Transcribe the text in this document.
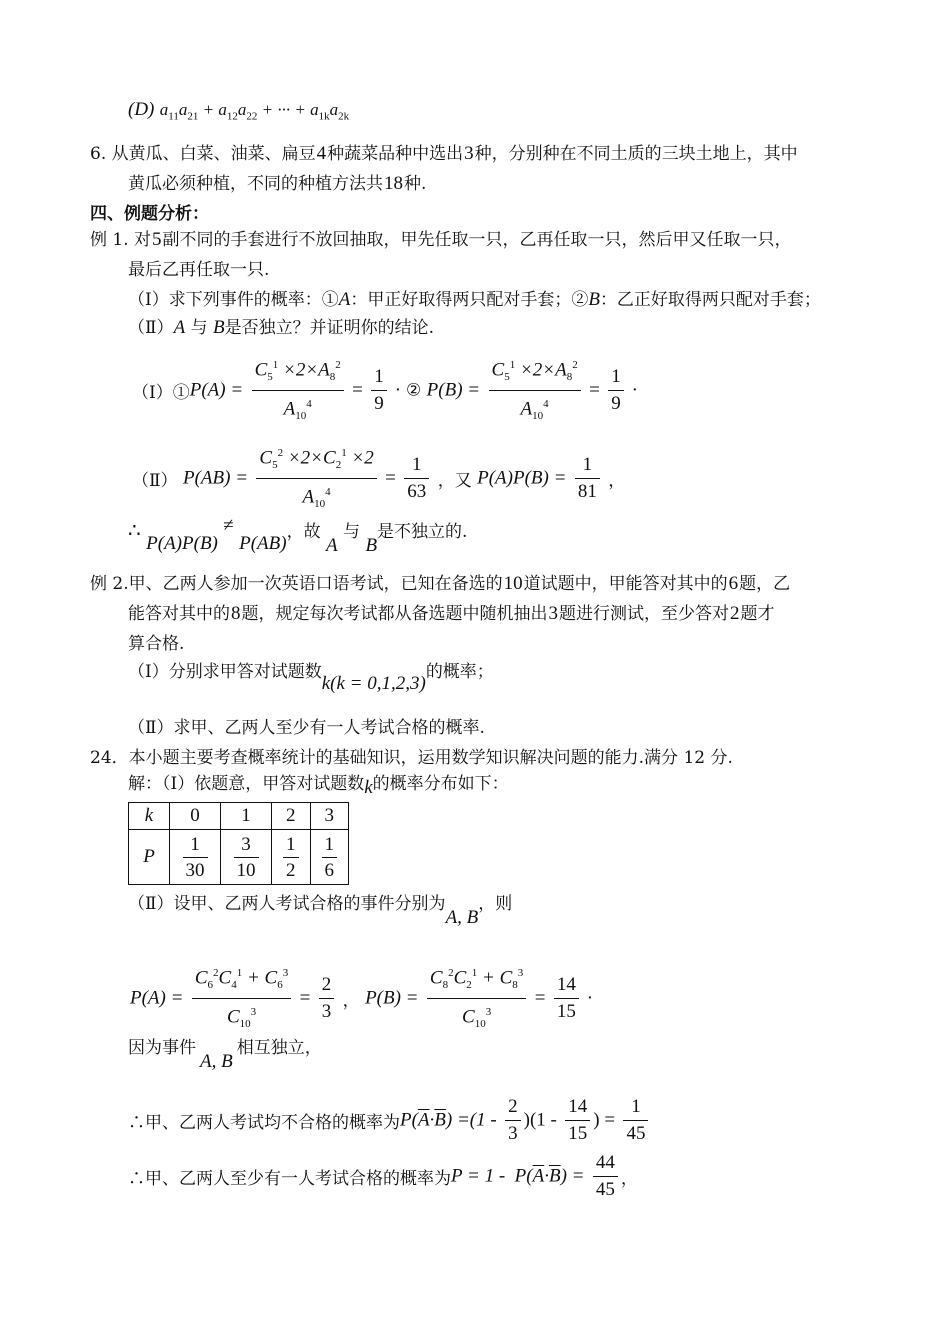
(D) $a_{11}a_{21} + a_{12}a_{22}$ + ··· + $a_{1k}a_{2k}$
6. 从黄瓜、白菜、油菜、扁豆4种蔬菜品种中选出3种，分别种在不同土质的三块土地上，其中
黄瓜必须种植，不同的种植方法共18种.
四、例题分析：
例 1. 对5副不同的手套进行不放回抽取，甲先任取一只，乙再任取一只，然后甲又任取一只，
最后乙再任取一只.
（Ⅰ）求下列事件的概率：①A：甲正好取得两只配对手套；②B：乙正好取得两只配对手套；
（Ⅱ）A 与 B是否独立？并证明你的结论.
（Ⅰ）①P(A) = $\frac{C_5^1 \times 2\times A_8^2}{A_{10}^4} = \frac{1}{9}$ · ② $P(B) = \frac{C_5^1 \times 2\times A_8^2}{A_{10}^4} = \frac{1}{9}$ ·
（Ⅱ） $P(AB) = \frac{C_5^2 \times 2\times C_2^1 \times 2}{A_{10}^4} = \frac{1}{63}$ ，又 $P(A)P(B) = \frac{1}{81}$ ，
∴ P(A)P(B) ≠ P(AB)，故 A 与 B是不独立的.
例 2.甲、乙两人参加一次英语口语考试，已知在备选的10道试题中，甲能答对其中的6题，乙
能答对其中的8题，规定每次考试都从备选题中随机抽出3题进行测试，至少答对2题才
算合格.
（Ⅰ）分别求甲答对试题数k(k = 0,1,2,3)的概率；
（Ⅱ）求甲、乙两人至少有一人考试合格的概率.
24．本小题主要考查概率统计的基础知识，运用数学知识解决问题的能力.满分 12 分.
解：（Ⅰ）依题意，甲答对试题数k的概率分布如下：
k	0	1	2	3
P	$\frac{1}{30}$	$\frac{3}{10}$	$\frac{1}{2}$	$\frac{1}{6}$
（Ⅱ）设甲、乙两人考试合格的事件分别为A, B，则
$P(A) = \frac{C_6^2C_4^1 + C_6^3}{C_{10}^3} = \frac{2}{3}$ ， $P(B) = \frac{C_8^2C_2^1 + C_8^3}{C_{10}^3} = \frac{14}{15}$ ·
因为事件A, B相互独立，
∴甲、乙两人考试均不合格的概率为$P(\overline{A}\cdot\overline{B}) =(1 - \frac{2}{3} )(1 - \frac{14}{15}$ ) = $\frac{1}{45}$
∴甲、乙两人至少有一人考试合格的概率为$P = 1 - P(\overline{A}\cdot\overline{B}) = \frac{44}{45}$ ，
